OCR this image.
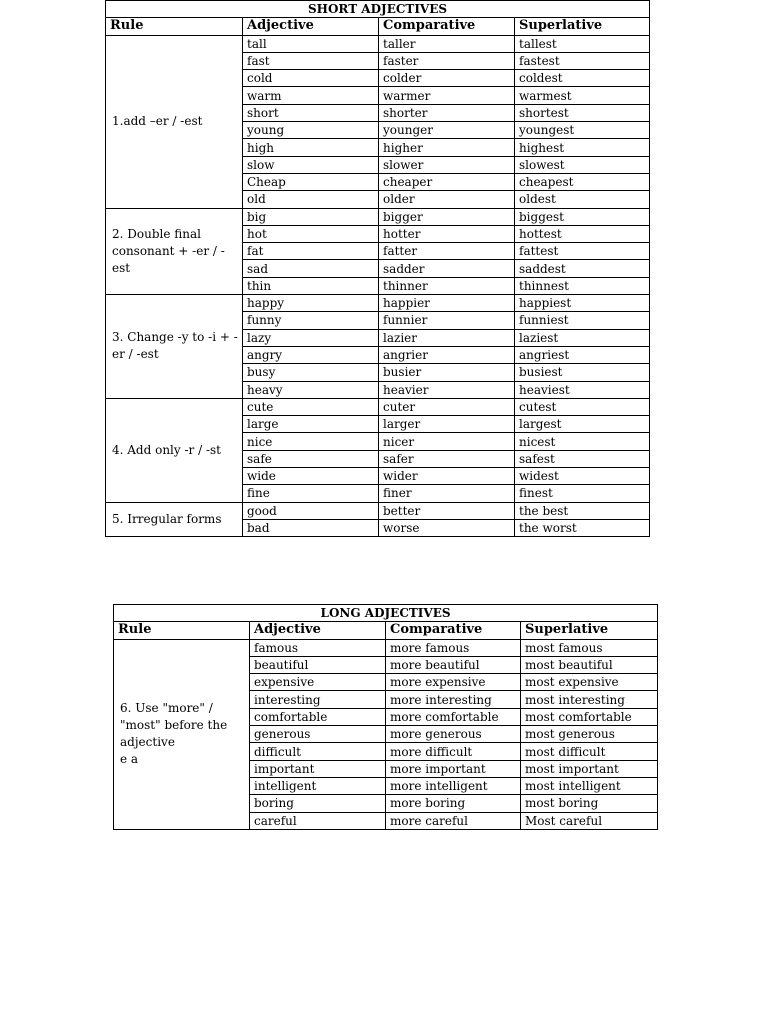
SHORT ADJECTIVES			
Rule	Adjective	Comparative	Superlative

1.add –er / -est	tall	taller	tallest
	fast	faster	fastest
	cold	colder	coldest
	warm	warmer	warmest
	short	shorter	shortest
	young	younger	youngest
	high	higher	highest
	slow	slower	slowest
	Cheap	cheaper	cheapest
	old	older	oldest

2. Double final
consonant + -er / -
est	big	bigger	biggest
	hot	hotter	hottest
	fat	fatter	fattest
	sad	sadder	saddest
	thin	thinner	thinnest

3. Change -y to -i + -
er / -est	happy	happier	happiest
	funny	funnier	funniest
	lazy	lazier	laziest
	angry	angrier	angriest
	busy	busier	busiest
	heavy	heavier	heaviest

4. Add only -r / -st	cute	cuter	cutest
	large	larger	largest
	nice	nicer	nicest
	safe	safer	safest
	wide	wider	widest
	fine	finer	finest

5. Irregular forms	good	better	the best
	bad	worse	the worst
LONG ADJECTIVES			
Rule	Adjective	Comparative	Superlative

6. Use "more" /
"most" before the
adjective
e a	famous	more famous	most famous
	beautiful	more beautiful	most beautiful
	expensive	more expensive	most expensive
	interesting	more interesting	most interesting
	comfortable	more comfortable	most comfortable
	generous	more generous	most generous
	difficult	more difficult	most difficult
	important	more important	most important
	intelligent	more intelligent	most intelligent
	boring	more boring	most boring
	careful	more careful	Most careful
